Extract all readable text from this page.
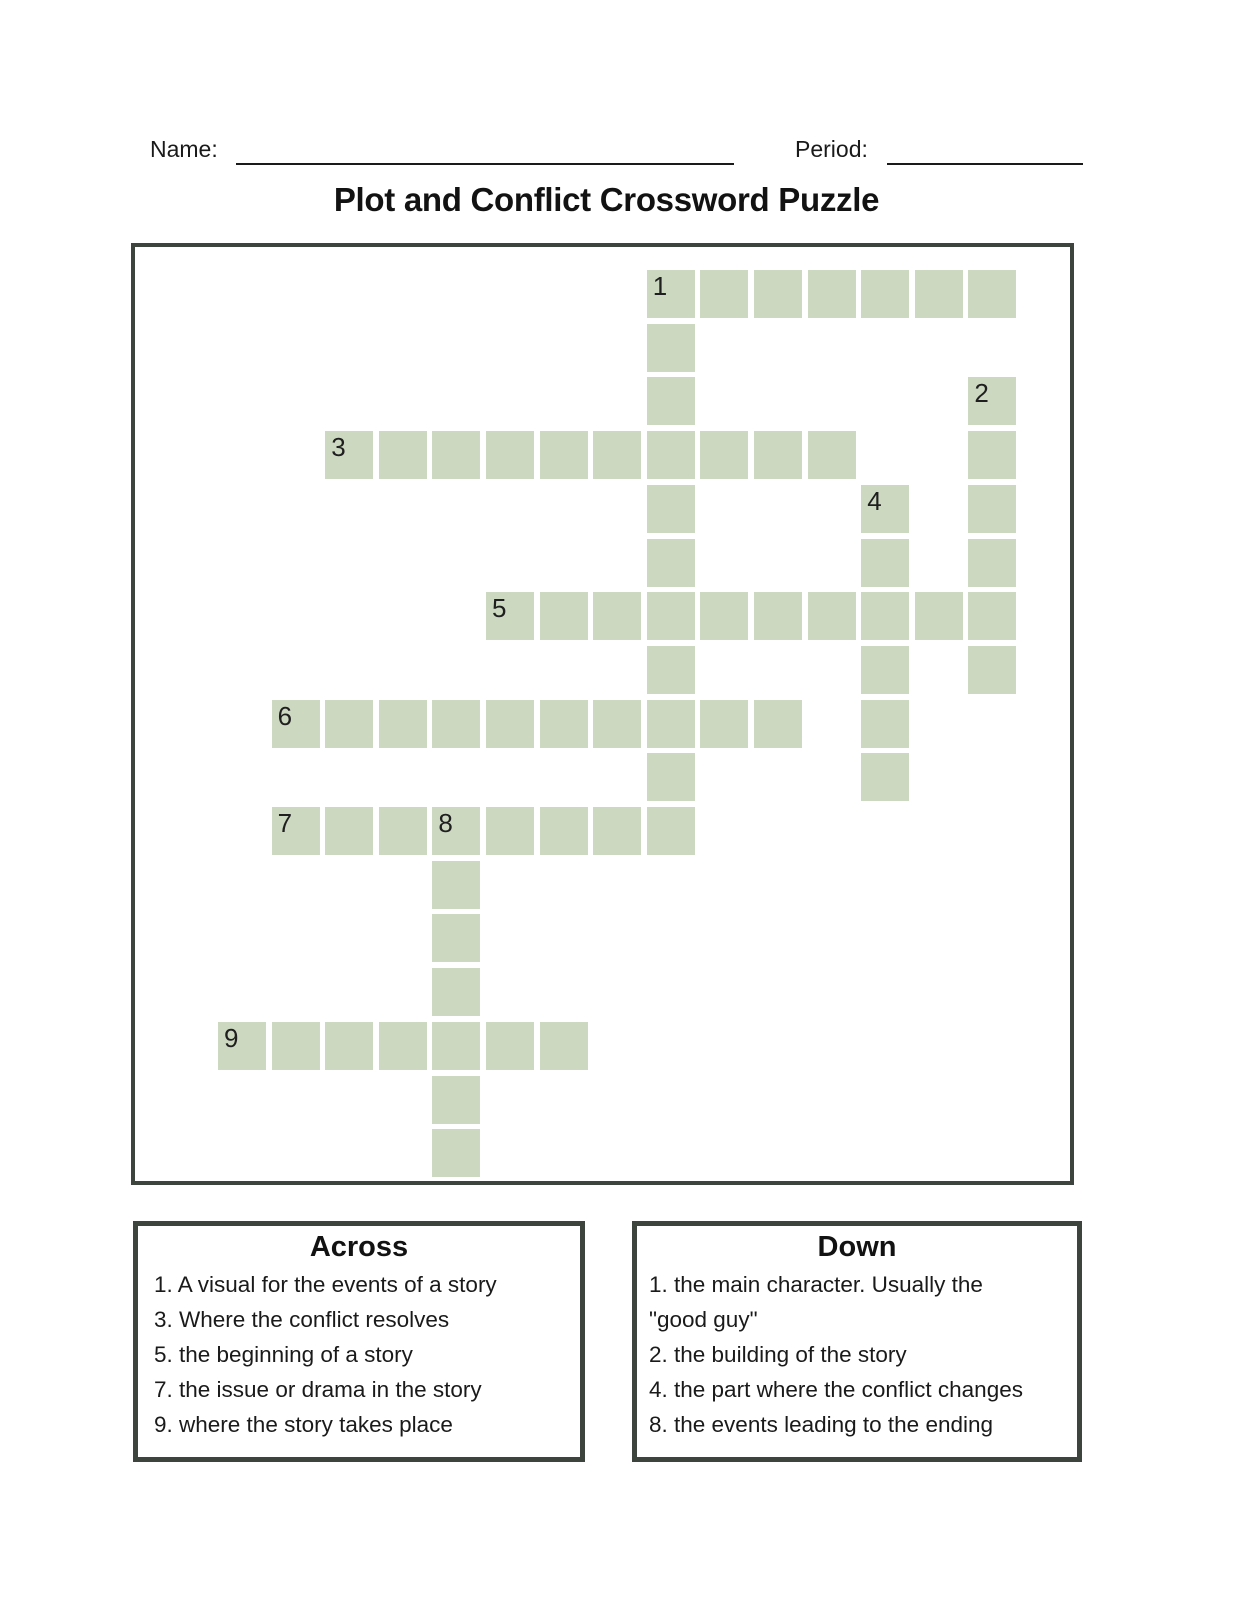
Name:	Period:
Plot and Conflict Crossword Puzzle
1
2
3
4
5
6
7	8
9
Across
1. A visual for the events of a story
3. Where the conflict resolves
5. the beginning of a story
7. the issue or drama in the story
9. where the story takes place
Down
1. the main character. Usually the
"good guy"
2. the building of the story
4. the part where the conflict changes
8. the events leading to the ending
